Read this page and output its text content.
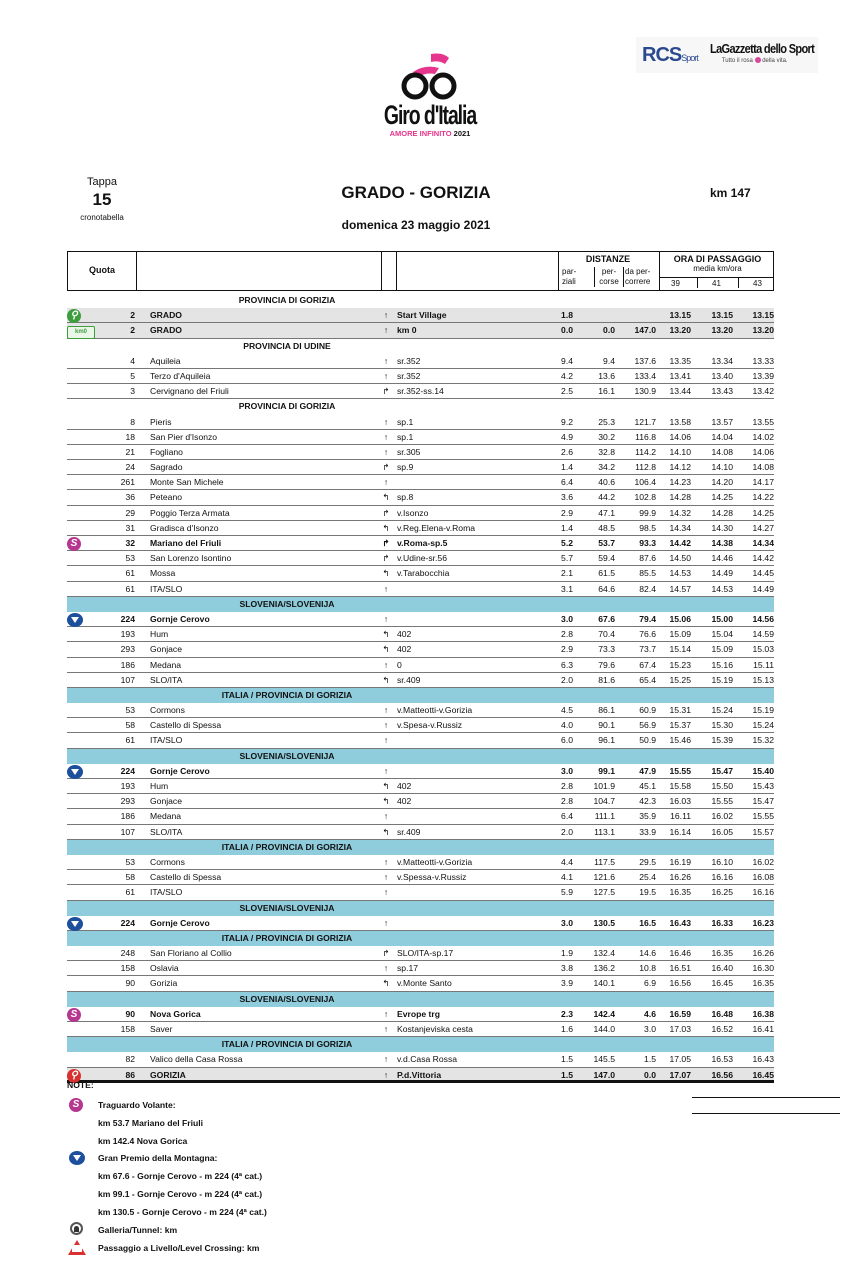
Giro d'Italia
AMORE INFINITO 2021
RCSSport
LaGazzetta dello Sport
Tutto il rosa della vita.
Tappa
15
cronotabella
GRADO - GORIZIA
domenica 23 maggio 2021
km 147
Quota
DISTANZE	ORA DI PASSAGGIO
media km/ora
par-
ziali
per-
corse
da per-
correre	39	41	43
PROVINCIA DI GORIZIA
⚲	2 GRADO	↑	Start Village	1.8	13.15	13.15	13.15
km0	2 GRADO	↑	km 0	0.0	0.0	147.0	13.20	13.20	13.20
PROVINCIA DI UDINE
4 Aquileia	↑	sr.352	9.4	9.4	137.6	13.35	13.34	13.33
5 Terzo d'Aquileia	↑	sr.352	4.2	13.6	133.4	13.41	13.40	13.39
3 Cervignano del Friuli	↱ sr.352-ss.14	2.5	16.1	130.9	13.44	13.43	13.42
PROVINCIA DI GORIZIA
8 Pieris	↑	sp.1	9.2	25.3	121.7	13.58	13.57	13.55
18 San Pier d'Isonzo	↑	sp.1	4.9	30.2	116.8	14.06	14.04	14.02
21 Fogliano	↑	sr.305	2.6	32.8	114.2	14.10	14.08	14.06
24 Sagrado	↱ sp.9	1.4	34.2	112.8	14.12	14.10	14.08
261 Monte San Michele	↑	6.4	40.6	106.4	14.23	14.20	14.17
36 Peteano	↰ sp.8	3.6	44.2	102.8	14.28	14.25	14.22
29 Poggio Terza Armata	↱ v.Isonzo	2.9	47.1	99.9	14.32	14.28	14.25
31 Gradisca d'Isonzo	↰ v.Reg.Elena-v.Roma	1.4	48.5	98.5	14.34	14.30	14.27
S	32 Mariano del Friuli	↱ v.Roma-sp.5	5.2	53.7	93.3	14.42	14.38	14.34
53 San Lorenzo Isontino	↱ v.Udine-sr.56	5.7	59.4	87.6	14.50	14.46	14.42
61 Mossa	↰ v.Tarabocchia	2.1	61.5	85.5	14.53	14.49	14.45
61 ITA/SLO	↑	3.1	64.6	82.4	14.57	14.53	14.49
SLOVENIA/SLOVENIJA
224 Gornje Cerovo	↑	3.0	67.6	79.4	15.06	15.00	14.56
193 Hum	↰ 402	2.8	70.4	76.6	15.09	15.04	14.59
293 Gonjace	↰ 402	2.9	73.3	73.7	15.14	15.09	15.03
186 Medana	↑	0	6.3	79.6	67.4	15.23	15.16	15.11
107 SLO/ITA	↰ sr.409	2.0	81.6	65.4	15.25	15.19	15.13
ITALIA / PROVINCIA DI GORIZIA
53 Cormons	↑	v.Matteotti-v.Gorizia	4.5	86.1	60.9	15.31	15.24	15.19
58 Castello di Spessa	↑	v.Spesa-v.Russiz	4.0	90.1	56.9	15.37	15.30	15.24
61 ITA/SLO	↑	6.0	96.1	50.9	15.46	15.39	15.32
SLOVENIA/SLOVENIJA
224 Gornje Cerovo	↑	3.0	99.1	47.9	15.55	15.47	15.40
193 Hum	↰ 402	2.8	101.9	45.1	15.58	15.50	15.43
293 Gonjace	↰ 402	2.8	104.7	42.3	16.03	15.55	15.47
186 Medana	↑	6.4	111.1	35.9	16.11	16.02	15.55
107 SLO/ITA	↰ sr.409	2.0	113.1	33.9	16.14	16.05	15.57
ITALIA / PROVINCIA DI GORIZIA
53 Cormons	↑	v.Matteotti-v.Gorizia	4.4	117.5	29.5	16.19	16.10	16.02
58 Castello di Spessa	↑	v.Spessa-v.Russiz	4.1	121.6	25.4	16.26	16.16	16.08
61 ITA/SLO	↑	5.9	127.5	19.5	16.35	16.25	16.16
SLOVENIA/SLOVENIJA
224 Gornje Cerovo	↑	3.0	130.5	16.5	16.43	16.33	16.23
ITALIA / PROVINCIA DI GORIZIA
248 San Floriano al Collio	↱ SLO/ITA-sp.17	1.9	132.4	14.6	16.46	16.35	16.26
158 Oslavia	↑	sp.17	3.8	136.2	10.8	16.51	16.40	16.30
90 Gorizia	↰ v.Monte Santo	3.9	140.1	6.9	16.56	16.45	16.35
SLOVENIA/SLOVENIJA
S	90 Nova Gorica	↑	Evrope trg	2.3	142.4	4.6	16.59	16.48	16.38
158 Saver	↑	Kostanjeviska cesta	1.6	144.0	3.0	17.03	16.52	16.41
ITALIA / PROVINCIA DI GORIZIA
82 Valico della Casa Rossa	↑	v.d.Casa Rossa	1.5	145.5	1.5	17.05	16.53	16.43
⚲	86 GORIZIA	↑	P.d.Vittoria	1.5	147.0	0.0	17.07	16.56	16.45
NOTE:
S	Traguardo Volante:
km 53.7 Mariano del Friuli
km 142.4 Nova Gorica
Gran Premio della Montagna:
km 67.6 - Gornje Cerovo - m 224 (4ª cat.)
km 99.1 - Gornje Cerovo - m 224 (4ª cat.)
km 130.5 - Gornje Cerovo - m 224 (4ª cat.)
Galleria/Tunnel: km
Passaggio a Livello/Level Crossing: km
